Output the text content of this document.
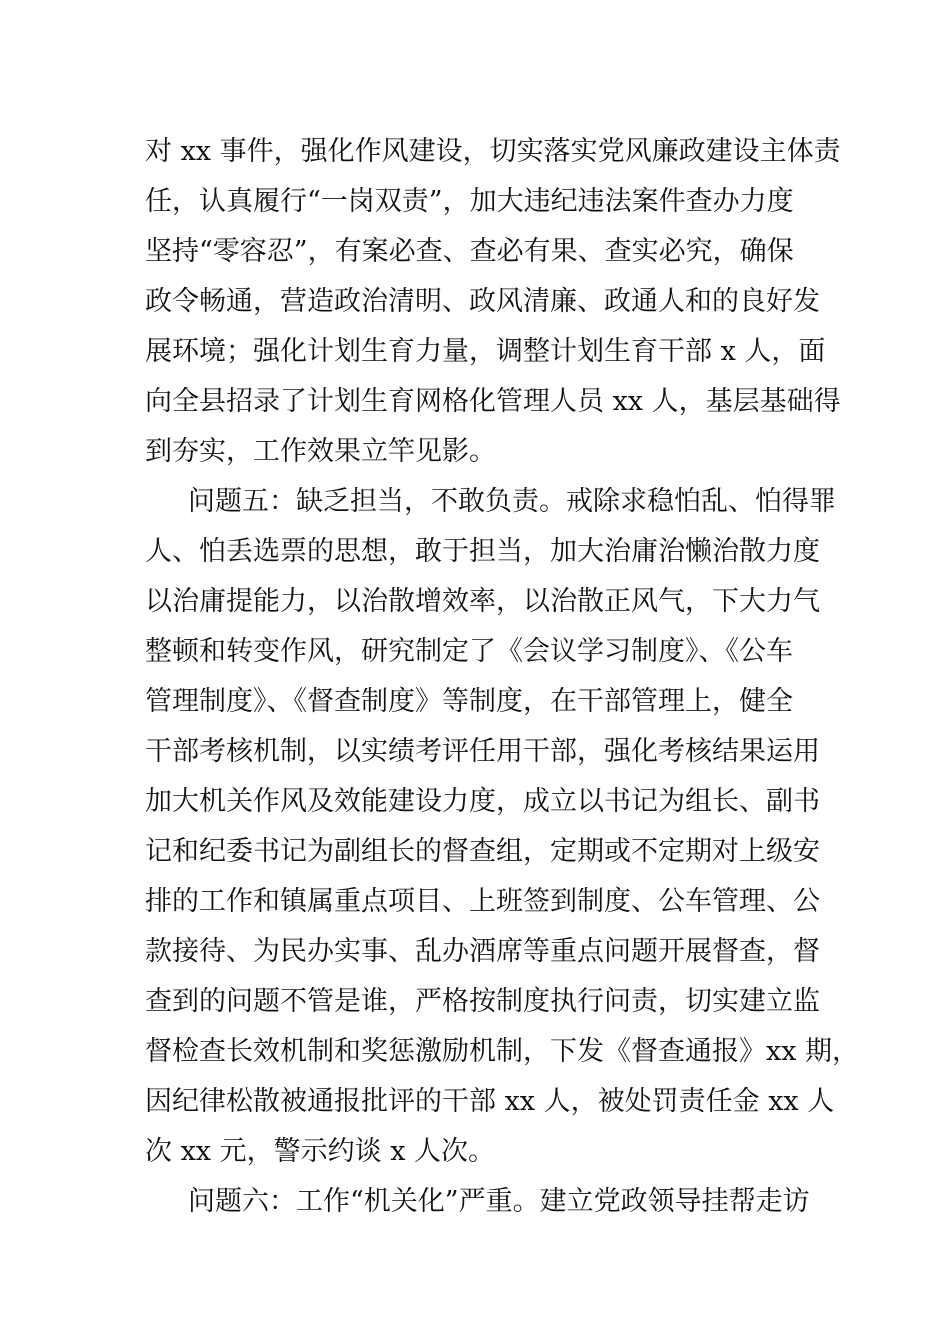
对 xx 事件，强化作风建设，切实落实党风廉政建设主体责
任，认真履行“一岗双责”，加大违纪违法案件查办力度
坚持“零容忍”，有案必查、查必有果、查实必究，确保
政令畅通，营造政治清明、政风清廉、政通人和的良好发
展环境；强化计划生育力量，调整计划生育干部 x 人，面
向全县招录了计划生育网格化管理人员 xx 人，基层基础得
到夯实，工作效果立竿见影。
问题五：缺乏担当，不敢负责。戒除求稳怕乱、怕得罪
人、怕丢选票的思想，敢于担当，加大治庸治懒治散力度
以治庸提能力，以治散增效率，以治散正风气，下大力气
整顿和转变作风，研究制定了《会议学习制度》、《公车
管理制度》、《督查制度》等制度，在干部管理上，健全
干部考核机制，以实绩考评任用干部，强化考核结果运用
加大机关作风及效能建设力度，成立以书记为组长、副书
记和纪委书记为副组长的督查组，定期或不定期对上级安
排的工作和镇属重点项目、上班签到制度、公车管理、公
款接待、为民办实事、乱办酒席等重点问题开展督查，督
查到的问题不管是谁，严格按制度执行问责，切实建立监
督检查长效机制和奖惩激励机制，下发《督查通报》xx 期，
因纪律松散被通报批评的干部 xx 人，被处罚责任金 xx 人
次 xx 元，警示约谈 x 人次。
问题六：工作“机关化”严重。建立党政领导挂帮走访
